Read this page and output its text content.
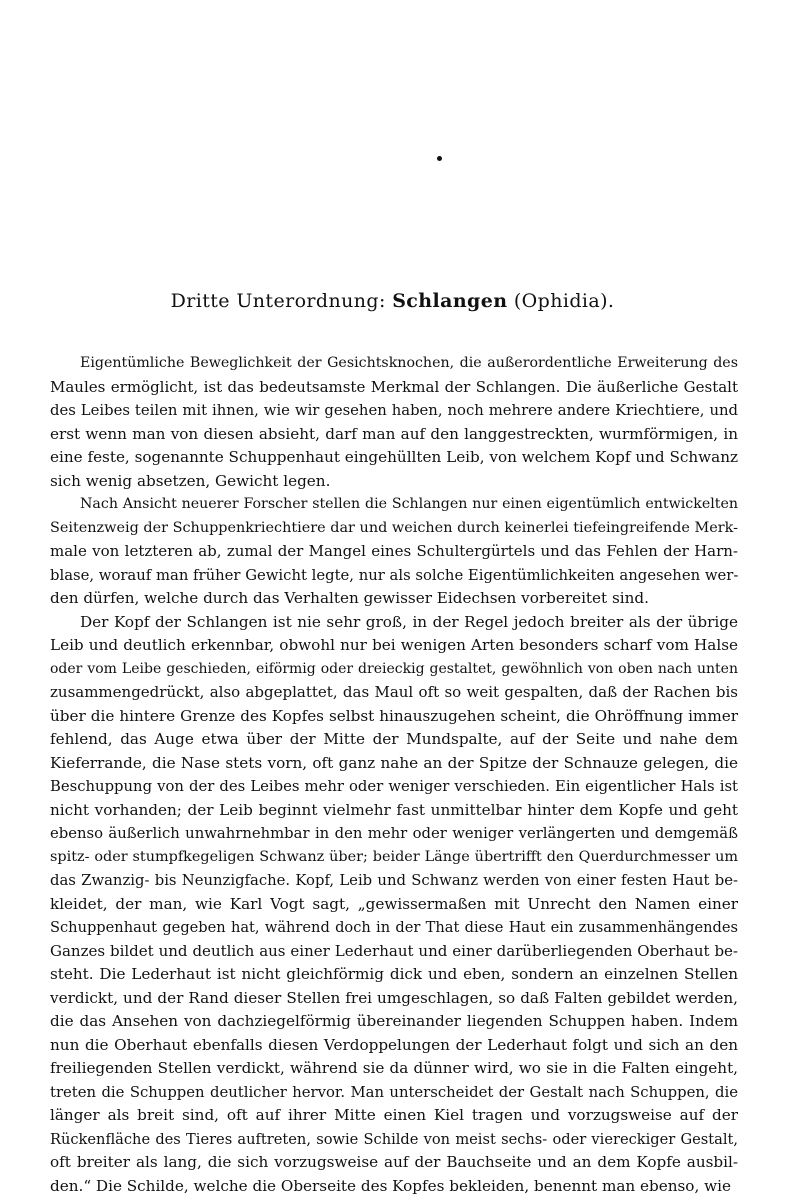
Dritte Unterordnung: Schlangen (Ophidia).
Eigentümliche Beweglichkeit der Gesichtsknochen, die außerordentliche Erweiterung des
Maules ermöglicht, ist das bedeutsamste Merkmal der Schlangen. Die äußerliche Gestalt
des Leibes teilen mit ihnen, wie wir gesehen haben, noch mehrere andere Kriechtiere, und
erst wenn man von diesen absieht, darf man auf den langgestreckten, wurmförmigen, in
eine feste, sogenannte Schuppenhaut eingehüllten Leib, von welchem Kopf und Schwanz
sich wenig absetzen, Gewicht legen.
Nach Ansicht neuerer Forscher stellen die Schlangen nur einen eigentümlich entwickelten
Seitenzweig der Schuppenkriechtiere dar und weichen durch keinerlei tiefeingreifende Merk-
male von letzteren ab, zumal der Mangel eines Schultergürtels und das Fehlen der Harn-
blase, worauf man früher Gewicht legte, nur als solche Eigentümlichkeiten angesehen wer-
den dürfen, welche durch das Verhalten gewisser Eidechsen vorbereitet sind.
Der Kopf der Schlangen ist nie sehr groß, in der Regel jedoch breiter als der übrige
Leib und deutlich erkennbar, obwohl nur bei wenigen Arten besonders scharf vom Halse
oder vom Leibe geschieden, eiförmig oder dreieckig gestaltet, gewöhnlich von oben nach unten
zusammengedrückt, also abgeplattet, das Maul oft so weit gespalten, daß der Rachen bis
über die hintere Grenze des Kopfes selbst hinauszugehen scheint, die Ohröffnung immer
fehlend, das Auge etwa über der Mitte der Mundspalte, auf der Seite und nahe dem
Kieferrande, die Nase stets vorn, oft ganz nahe an der Spitze der Schnauze gelegen, die
Beschuppung von der des Leibes mehr oder weniger verschieden. Ein eigentlicher Hals ist
nicht vorhanden; der Leib beginnt vielmehr fast unmittelbar hinter dem Kopfe und geht
ebenso äußerlich unwahrnehmbar in den mehr oder weniger verlängerten und demgemäß
spitz- oder stumpfkegeligen Schwanz über; beider Länge übertrifft den Querdurchmesser um
das Zwanzig- bis Neunzigfache. Kopf, Leib und Schwanz werden von einer festen Haut be-
kleidet, der man, wie Karl Vogt sagt, „gewissermaßen mit Unrecht den Namen einer
Schuppenhaut gegeben hat, während doch in der That diese Haut ein zusammenhängendes
Ganzes bildet und deutlich aus einer Lederhaut und einer darüberliegenden Oberhaut be-
steht. Die Lederhaut ist nicht gleichförmig dick und eben, sondern an einzelnen Stellen
verdickt, und der Rand dieser Stellen frei umgeschlagen, so daß Falten gebildet werden,
die das Ansehen von dachziegelförmig übereinander liegenden Schuppen haben. Indem
nun die Oberhaut ebenfalls diesen Verdoppelungen der Lederhaut folgt und sich an den
freiliegenden Stellen verdickt, während sie da dünner wird, wo sie in die Falten eingeht,
treten die Schuppen deutlicher hervor. Man unterscheidet der Gestalt nach Schuppen, die
länger als breit sind, oft auf ihrer Mitte einen Kiel tragen und vorzugsweise auf der
Rückenfläche des Tieres auftreten, sowie Schilde von meist sechs- oder viereckiger Gestalt,
oft breiter als lang, die sich vorzugsweise auf der Bauchseite und an dem Kopfe ausbil-
den.“ Die Schilde, welche die Oberseite des Kopfes bekleiden, benennt man ebenso, wie
